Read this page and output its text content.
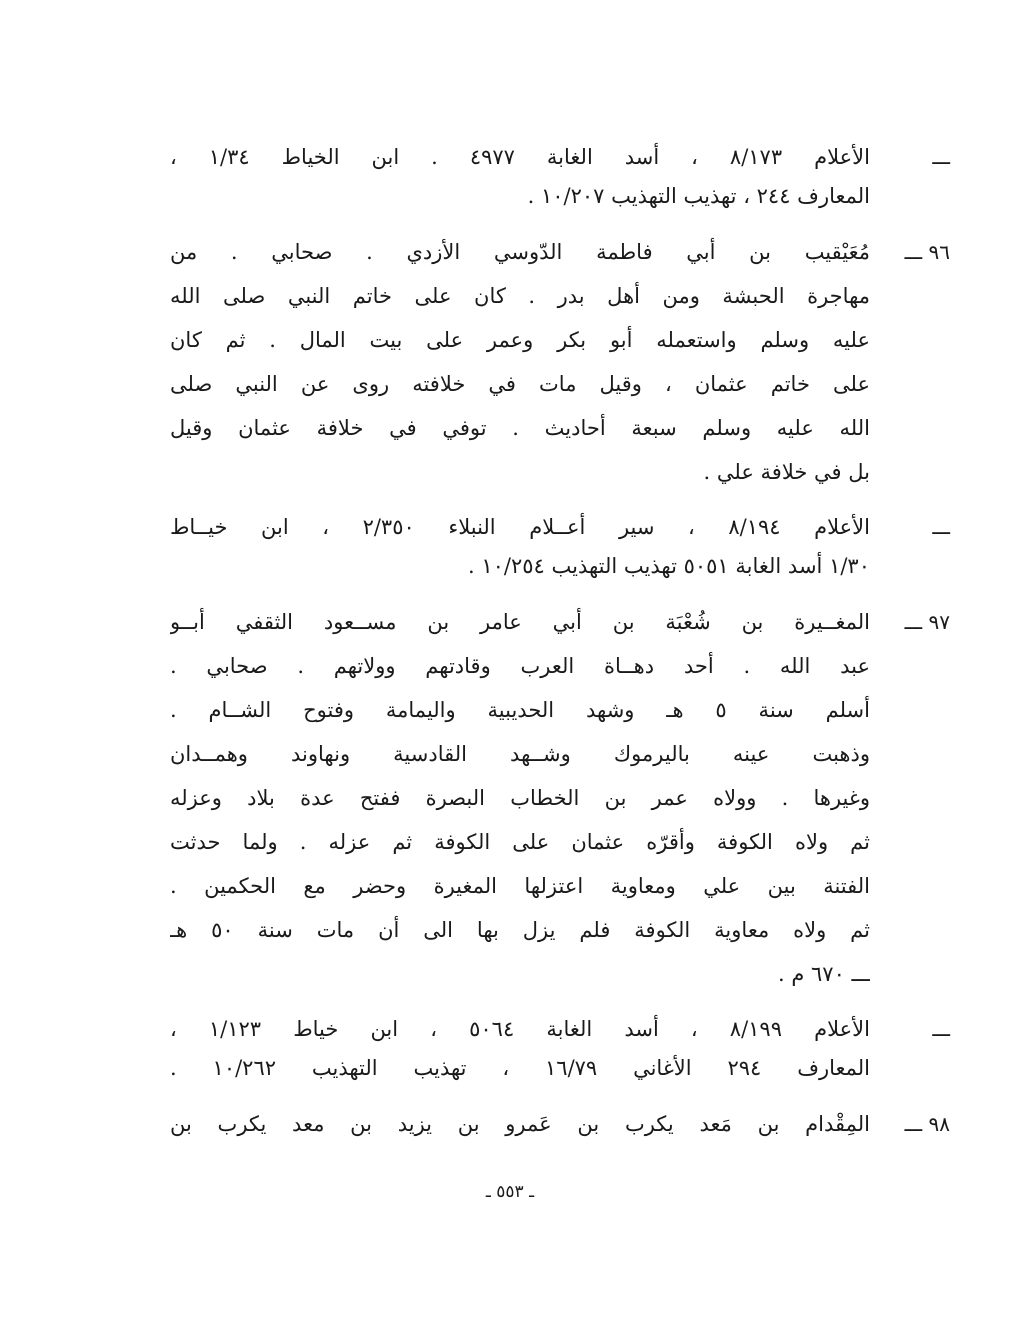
ـــ
الأعلام ٨/١٧٣ ، أسد الغابة ٤٩٧٧ . ابن الخياط ١/٣٤ ،
المعارف ٢٤٤ ، تهذيب التهذيب ١٠/٢٠٧ .
٩٦ ـــ
مُعَيْقيب بن أبي فاطمة الدّوسي الأزدي . صحابي . من
مهاجرة الحبشة ومن أهل بدر . كان على خاتم النبي صلى الله
عليه وسلم واستعمله أبو بكر وعمر على بيت المال . ثم كان
على خاتم عثمان ، وقيل مات في خلافته روى عن النبي صلى
الله عليه وسلم سبعة أحاديث . توفي في خلافة عثمان وقيل
بل في خلافة علي .
ـــ
الأعلام ٨/١٩٤ ، سير أعــلام النبلاء ٢/٣٥٠ ، ابن خيــاط
١/٣٠ أسد الغابة ٥٠٥١ تهذيب التهذيب ١٠/٢٥٤ .
٩٧ ـــ
المغــيرة بن شُعْبَة بن أبي عامر بن مســعود الثقفي أبــو
عبد الله . أحد دهــاة العرب وقادتهم وولاتهم . صحابي .
أسلم سنة ٥ هـ وشهد الحديبية واليمامة وفتوح الشــام .
وذهبت عينه باليرموك وشــهد القادسية ونهاوند وهمــدان
وغيرها . وولاه عمر بن الخطاب البصرة ففتح عدة بلاد وعزله
ثم ولاه الكوفة وأقرّه عثمان على الكوفة ثم عزله . ولما حدثت
الفتنة بين علي ومعاوية اعتزلها المغيرة وحضر مع الحكمين .
ثم ولاه معاوية الكوفة فلم يزل بها الى أن مات سنة ٥٠ هـ
ـــ ٦٧٠ م .
ـــ
الأعلام ٨/١٩٩ ، أسد الغابة ٥٠٦٤ ، ابن خياط ١/١٢٣ ،
المعارف ٢٩٤ الأغاني ١٦/٧٩ ، تهذيب التهذيب ١٠/٢٦٢ .
٩٨ ـــ
المِقْدام بن مَعد يكرب بن عَمرو بن يزيد بن معد يكرب بن
ـ ٥٥٣ ـ
